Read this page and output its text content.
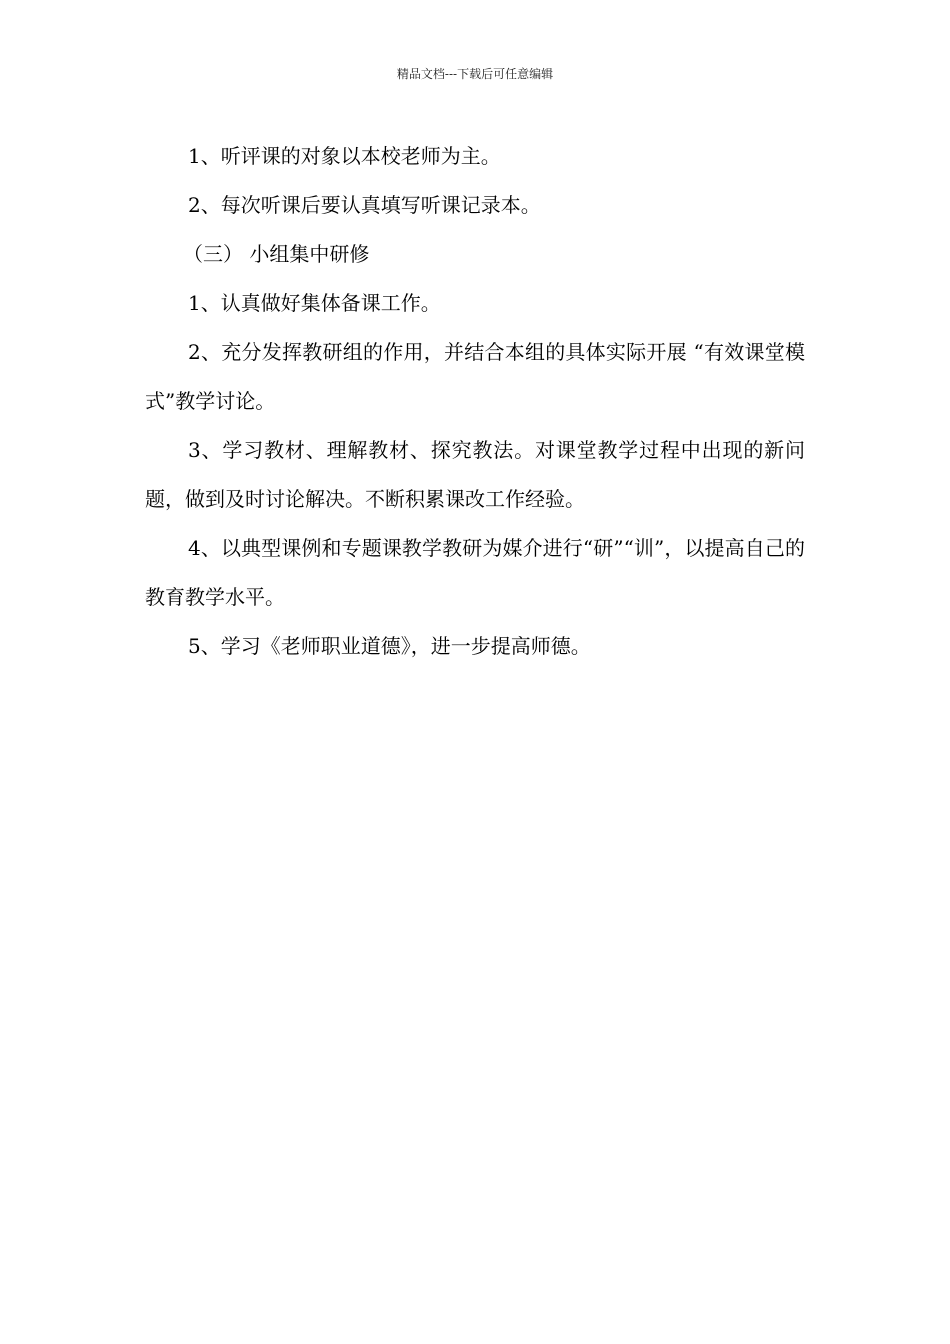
精品文档---下载后可任意编辑

1、听评课的对象以本校老师为主。

2、每次听课后要认真填写听课记录本。

（三） 小组集中研修

1、认真做好集体备课工作。

2、充分发挥教研组的作用，并结合本组的具体实际开展 “有效课堂模式”教学讨论。

3、学习教材、理解教材、探究教法。对课堂教学过程中出现的新问题，做到及时讨论解决。不断积累课改工作经验。

4、以典型课例和专题课教学教研为媒介进行“研”“训”，以提高自己的教育教学水平。

5、学习《老师职业道德》，进一步提高师德。
